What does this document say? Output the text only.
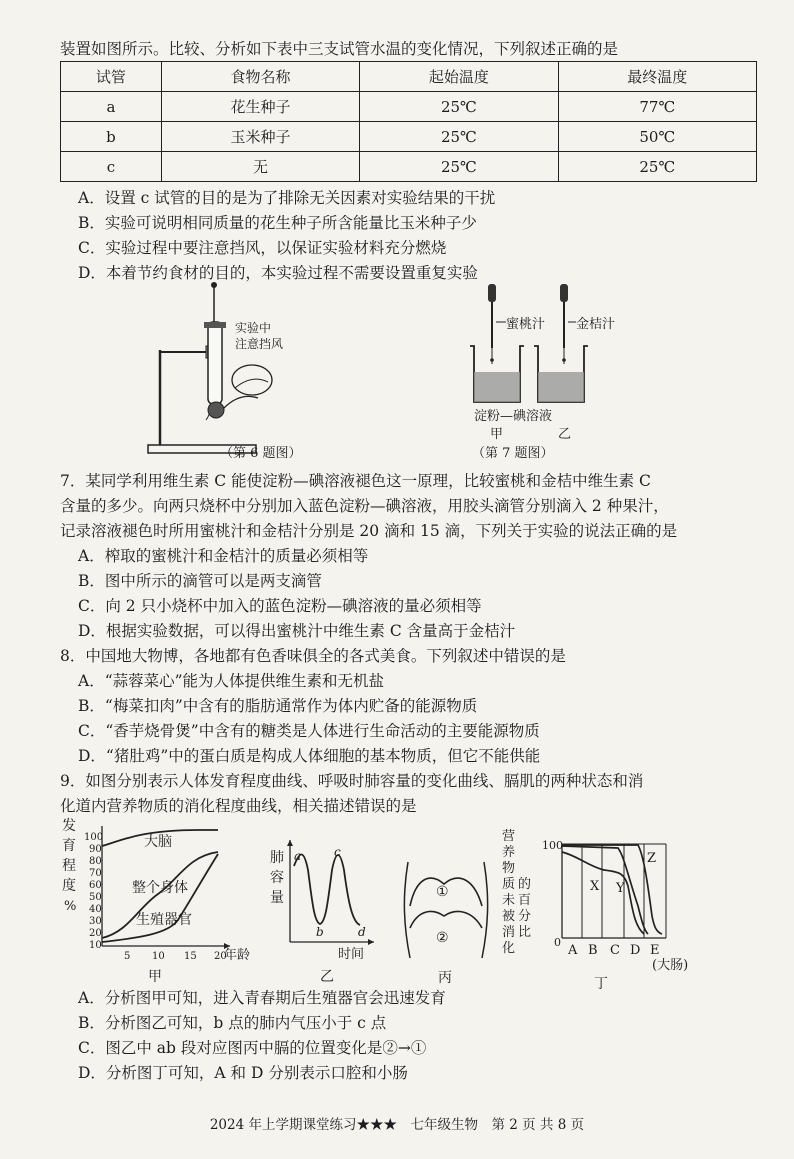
装置如图所示。比较、分析如下表中三支试管水温的变化情况，下列叙述正确的是
试管	食物名称	起始温度	最终温度
a	花生种子	25℃	77℃
b	玉米种子	25℃	50℃
c	无	25℃	25℃
A．设置 c 试管的目的是为了排除无关因素对实验结果的干扰
B．实验可说明相同质量的花生种子所含能量比玉米种子少
C．实验过程中要注意挡风，以保证实验材料充分燃烧
D．本着节约食材的目的，本实验过程不需要设置重复实验
实验中
注意挡风
（第 6 题图）
蜜桃汁 金桔汁
淀粉—碘溶液
甲	乙
（第 7 题图）
7．某同学利用维生素 C 能使淀粉—碘溶液褪色这一原理，比较蜜桃和金桔中维生素 C
含量的多少。向两只烧杯中分别加入蓝色淀粉—碘溶液，用胶头滴管分别滴入 2 种果汁，
记录溶液褪色时所用蜜桃汁和金桔汁分别是 20 滴和 15 滴，下列关于实验的说法正确的是
A．榨取的蜜桃汁和金桔汁的质量必须相等
B．图中所示的滴管可以是两支滴管
C．向 2 只小烧杯中加入的蓝色淀粉—碘溶液的量必须相等
D．根据实验数据，可以得出蜜桃汁中维生素 C 含量高于金桔汁
8．中国地大物博，各地都有色香味俱全的各式美食。下列叙述中错误的是
A．“蒜蓉菜心”能为人体提供维生素和无机盐
B．“梅菜扣肉”中含有的脂肪通常作为体内贮备的能源物质
C．“香芋烧骨煲”中含有的糖类是人体进行生命活动的主要能源物质
D．“猪肚鸡”中的蛋白质是构成人体细胞的基本物质，但它不能供能
9．如图分别表示人体发育程度曲线、呼吸时肺容量的变化曲线、膈肌的两种状态和消
化道内营养物质的消化程度曲线，相关描述错误的是
发
育
程
度
%
100
90
80
70
60
50
40
30
20
10
大脑
整个身体
生殖器官
5 10 15 20
年龄
甲
肺
容
量
a
b
c
d
时间
乙
①
②
丙
营
养
物
质
未
被
消
化
的
百
分
比
100
0
X Y
Z
A B C D E
(大肠)
丁
A．分析图甲可知，进入青春期后生殖器官会迅速发育
B．分析图乙可知，b 点的肺内气压小于 c 点
C．图乙中 ab 段对应图丙中膈的位置变化是②→①
D．分析图丁可知，A 和 D 分别表示口腔和小肠
2024 年上学期课堂练习★★★　七年级生物　第 2 页 共 8 页
